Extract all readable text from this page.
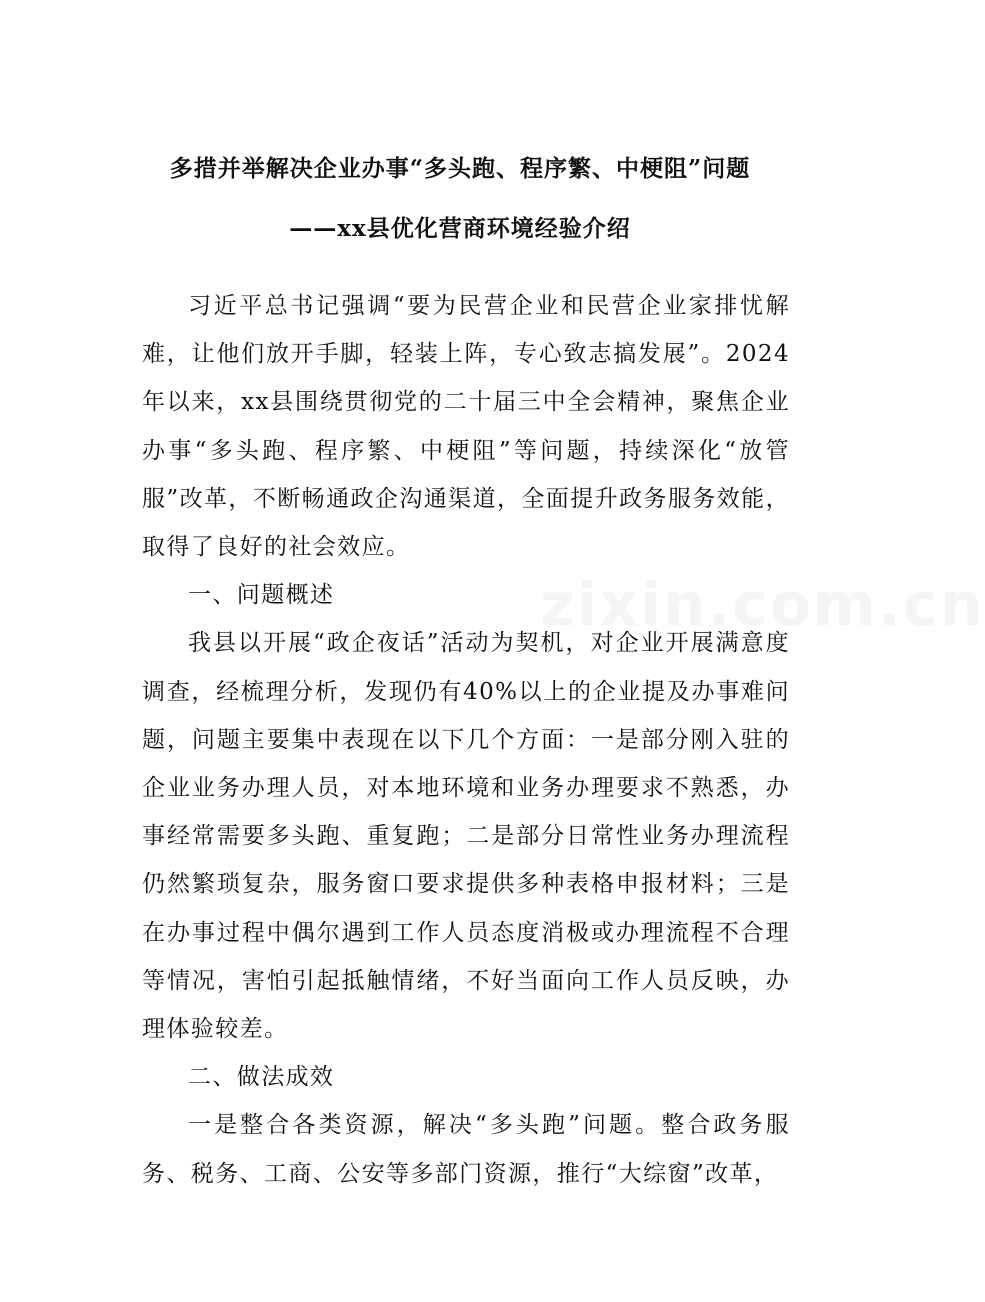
多措并举解决企业办事“多头跑、程序繁、中梗阻”问题
——xx县优化营商环境经验介绍

习近平总书记强调“要为民营企业和民营企业家排忧解难，让他们放开手脚，轻装上阵，专心致志搞发展”。2024年以来，xx县围绕贯彻党的二十届三中全会精神，聚焦企业办事“多头跑、程序繁、中梗阻”等问题，持续深化“放管服”改革，不断畅通政企沟通渠道，全面提升政务服务效能，取得了良好的社会效应。

一、问题概述

我县以开展“政企夜话”活动为契机，对企业开展满意度调查，经梳理分析，发现仍有40%以上的企业提及办事难问题，问题主要集中表现在以下几个方面：一是部分刚入驻的企业业务办理人员，对本地环境和业务办理要求不熟悉，办事经常需要多头跑、重复跑；二是部分日常性业务办理流程仍然繁琐复杂，服务窗口要求提供多种表格申报材料；三是在办事过程中偶尔遇到工作人员态度消极或办理流程不合理等情况，害怕引起抵触情绪，不好当面向工作人员反映，办理体验较差。

二、做法成效

一是整合各类资源，解决“多头跑”问题。整合政务服务、税务、工商、公安等多部门资源，推行“大综窗”改革，

zixin.com.cn
